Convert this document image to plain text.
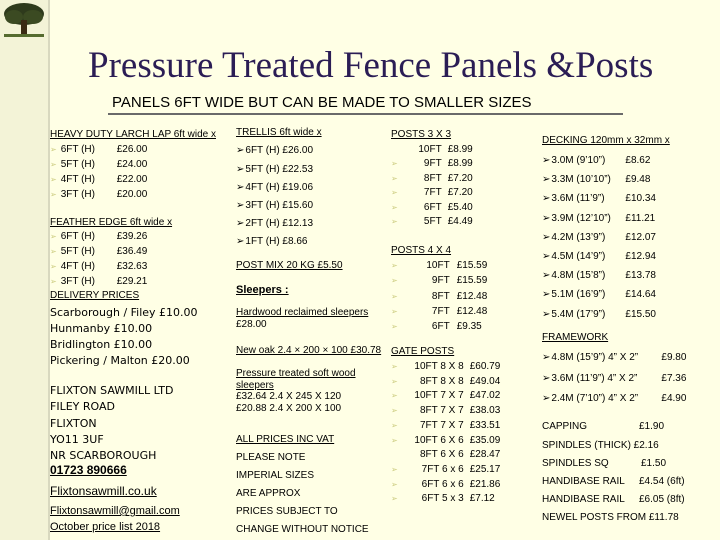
Pressure Treated Fence Panels &Posts
PANELS 6FT WIDE BUT CAN BE MADE TO SMALLER SIZES
HEAVY DUTY LARCH LAP 6ft wide x
➢ 6FT (H) £26.00
➢ 5FT (H) £24.00
➢ 4FT (H) £22.00
➢ 3FT (H) £20.00
FEATHER EDGE 6ft wide x
➢ 6FT (H) £39.26
➢ 5FT (H) £36.49
➢ 4FT (H) £32.63
➢ 3FT (H) £29.21
DELIVERY PRICES
Scarborough / Filey £10.00
Hunmanby £10.00
Bridlington £10.00
Pickering / Malton £20.00
FLIXTON SAWMILL LTD
FILEY ROAD
FLIXTON
YO11 3UF
NR SCARBOROUGH
01723 890666
Flixtonsawmill.co.uk
Flixtonsawmill@gmail.com
October price list 2018
TRELLIS 6ft wide x
➢6FT (H) £26.00
➢5FT (H) £22.53
➢4FT (H) £19.06
➢3FT (H) £15.60
➢2FT (H) £12.13
➢1FT (H) £8.66
POST MIX 20 KG £5.50
Sleepers :
Hardwood reclaimed sleepers
£28.00
New oak 2.4 × 200 × 100 £30.78
Pressure treated soft wood
sleepers
£32.64 2.4 X 245 X 120
£20.88 2.4 X 200 X 100
ALL PRICES INC VAT
PLEASE NOTE
IMPERIAL SIZES
ARE APPROX
PRICES SUBJECT TO
CHANGE WITHOUT NOTICE
POSTS 3 X 3
10FT £8.99
➢	9FT £8.99
➢	8FT £7.20
➢	7FT £7.20
➢	6FT £5.40
➢	5FT £4.49
POSTS 4 X 4
➢	10FT £15.59
➢	9FT £15.59
➢	8FT £12.48
➢	7FT £12.48
➢	6FT £9.35
GATE POSTS
➢ 10FT 8 X 8 £60.79
➢ 8FT 8 X 8 £49.04
➢ 10FT 7 X 7 £47.02
➢ 8FT 7 X 7 £38.03
➢ 7FT 7 X 7 £33.51
➢ 10FT 6 X 6 £35.09
8FT 6 X 6 £28.47
➢ 7FT 6 x 6 £25.17
➢ 6FT 6 x 6 £21.86
➢ 6FT 5 x 3 £7.12
DECKING 120mm x 32mm x
➢3.0M (9’10”) £8.62
➢3.3M (10’10”) £9.48
➢3.6M (11’9”) £10.34
➢3.9M (12’10”) £11.21
➢4.2M (13’9”) £12.07
➢4.5M (14’9”) £12.94
➢4.8M (15’8”) £13.78
➢5.1M (16’9”) £14.64
➢5.4M (17’9”) £15.50
FRAMEWORK
➢4.8M (15’9”) 4” X 2” £9.80
➢3.6M (11’9”) 4” X 2” £7.36
➢2.4M (7’10”) 4” X 2” £4.90
CAPPING	£1.90
SPINDLES (THICK) £2.16
SPINDLES SQ	£1.50
HANDIBASE RAIL £4.54 (6ft)
HANDIBASE RAIL £6.05 (8ft)
NEWEL POSTS FROM £11.78
